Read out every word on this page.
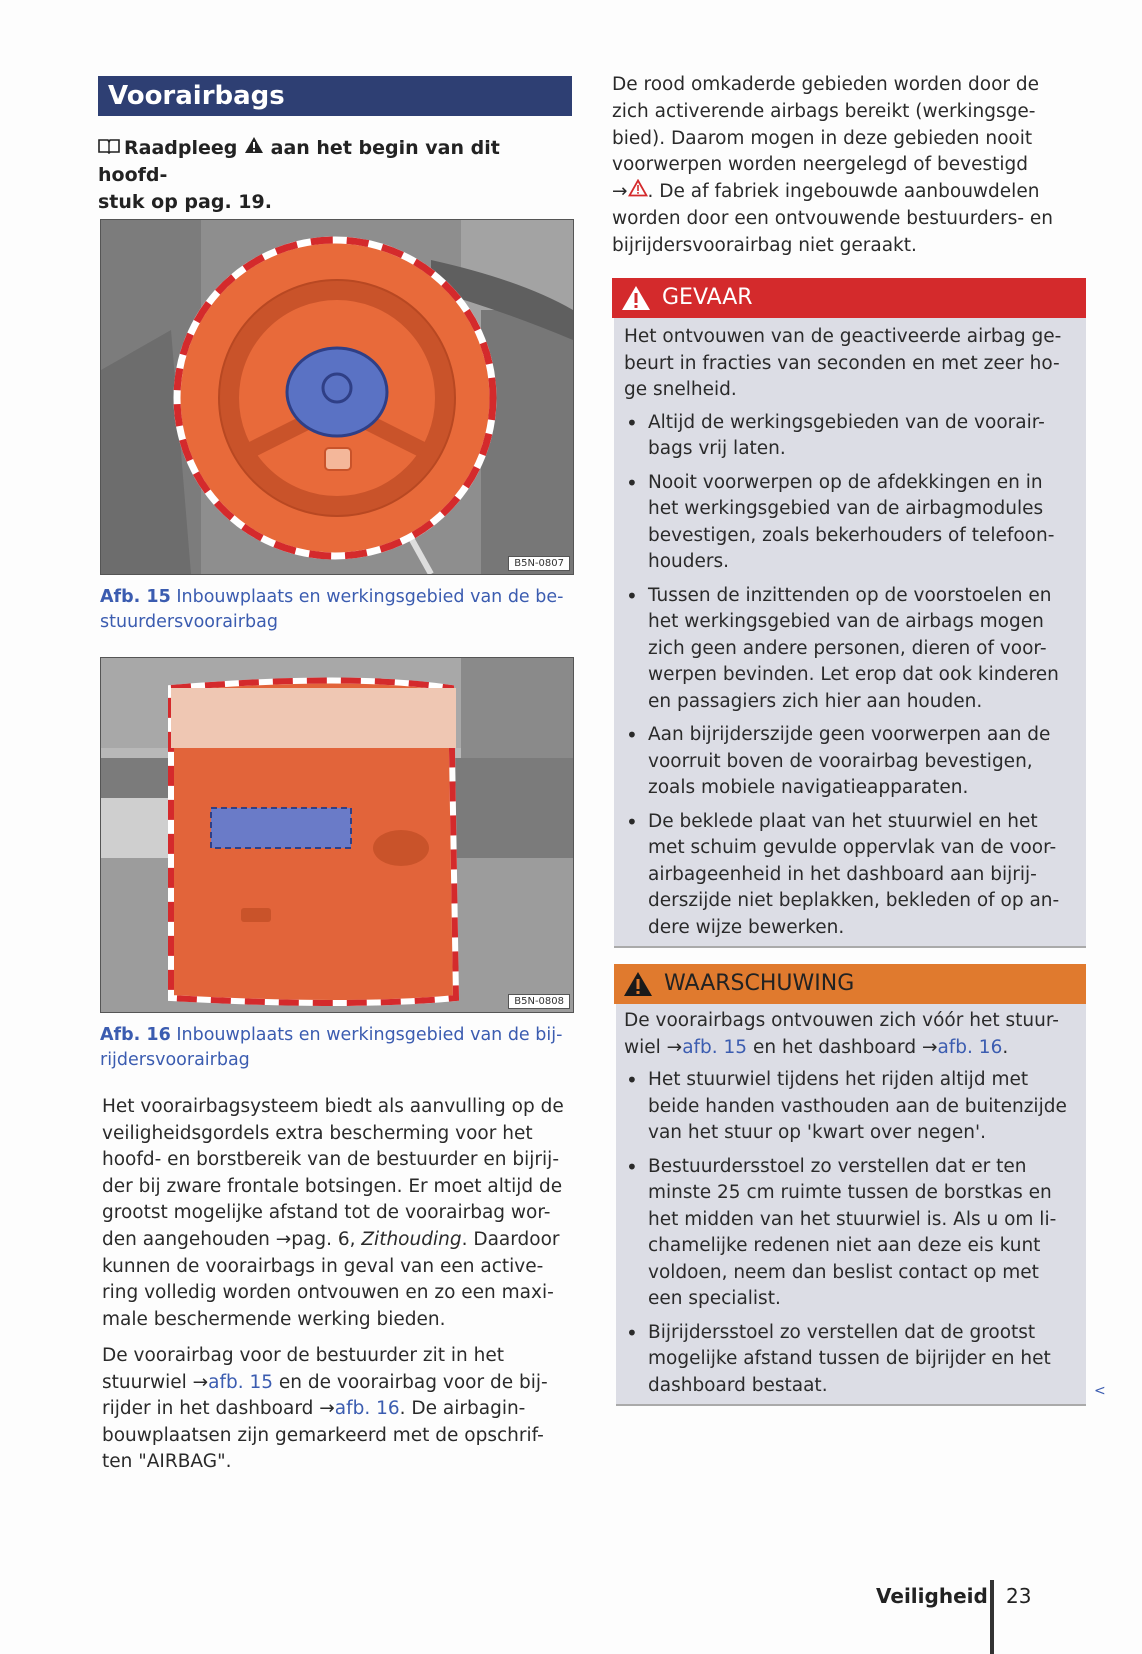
Voorairbags
Raadpleeg aan het begin van dit hoofd-
stuk op pag. 19.
B5N-0807
Afb. 15 Inbouwplaats en werkingsgebied van de be-
stuurdersvoorairbag
B5N-0808
Afb. 16 Inbouwplaats en werkingsgebied van de bij-
rijdersvoorairbag
Het voorairbagsysteem biedt als aanvulling op de
veiligheidsgordels extra bescherming voor het
hoofd- en borstbereik van de bestuurder en bijrij-
der bij zware frontale botsingen. Er moet altijd de
grootst mogelijke afstand tot de voorairbag wor-
den aangehouden →pag. 6, Zithouding. Daardoor
kunnen de voorairbags in geval van een active-
ring volledig worden ontvouwen en zo een maxi-
male beschermende werking bieden.
De voorairbag voor de bestuurder zit in het
stuurwiel →afb. 15 en de voorairbag voor de bij-
rijder in het dashboard →afb. 16. De airbagin-
bouwplaatsen zijn gemarkeerd met de opschrif-
ten "AIRBAG".
De rood omkaderde gebieden worden door de
zich activerende airbags bereikt (werkingsge-
bied). Daarom mogen in deze gebieden nooit
voorwerpen worden neergelegd of bevestigd
→ . De af fabriek ingebouwde aanbouwdelen
worden door een ontvouwende bestuurders- en
bijrijdersvoorairbag niet geraakt.
GEVAAR
Het ontvouwen van de geactiveerde airbag ge-
beurt in fracties van seconden en met zeer ho-
ge snelheid.
• Altijd de werkingsgebieden van de voorair-
bags vrij laten.
• Nooit voorwerpen op de afdekkingen en in
het werkingsgebied van de airbagmodules
bevestigen, zoals bekerhouders of telefoon-
houders.
• Tussen de inzittenden op de voorstoelen en
het werkingsgebied van de airbags mogen
zich geen andere personen, dieren of voor-
werpen bevinden. Let erop dat ook kinderen
en passagiers zich hier aan houden.
• Aan bijrijderszijde geen voorwerpen aan de
voorruit boven de voorairbag bevestigen,
zoals mobiele navigatieapparaten.
• De beklede plaat van het stuurwiel en het
met schuim gevulde oppervlak van de voor-
airbageenheid in het dashboard aan bijrij-
derszijde niet beplakken, bekleden of op an-
dere wijze bewerken.
WAARSCHUWING
De voorairbags ontvouwen zich vóór het stuur-
wiel →afb. 15 en het dashboard →afb. 16.
• Het stuurwiel tijdens het rijden altijd met
beide handen vasthouden aan de buitenzijde
van het stuur op 'kwart over negen'.
• Bestuurdersstoel zo verstellen dat er ten
minste 25 cm ruimte tussen de borstkas en
het midden van het stuurwiel is. Als u om li-
chamelijke redenen niet aan deze eis kunt
voldoen, neem dan beslist contact op met
een specialist.
• Bijrijdersstoel zo verstellen dat de grootst
mogelijke afstand tussen de bijrijder en het
dashboard bestaat.	<
Veiligheid 23
